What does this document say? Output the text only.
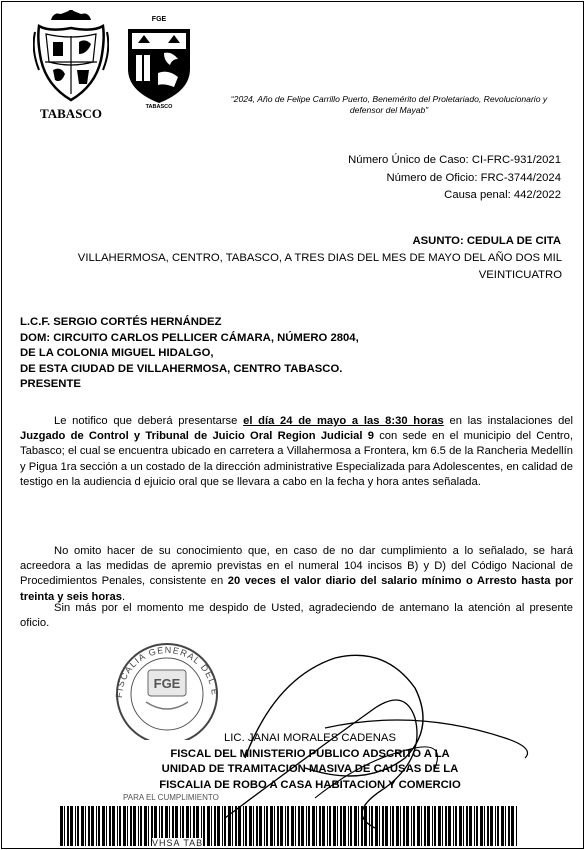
TABASCO
FGE
TABASCO
“2024, Año de Felipe Carrillo Puerto, Benemérito del Proletariado, Revolucionario y
defensor del Mayab”
Número Único de Caso: CI-FRC-931/2021
Número de Oficio: FRC-3744/2024
Causa penal: 442/2022
ASUNTO: CEDULA DE CITA
VILLAHERMOSA, CENTRO, TABASCO, A TRES DIAS DEL MES DE MAYO DEL AÑO DOS MIL
VEINTICUATRO
L.C.F. SERGIO CORTÉS HERNÁNDEZ
DOM: CIRCUITO CARLOS PELLICER CÁMARA, NÚMERO 2804,
DE LA COLONIA MIGUEL HIDALGO,
DE ESTA CIUDAD DE VILLAHERMOSA, CENTRO TABASCO.
PRESENTE
Le notifico que deberá presentarse el día 24 de mayo a las 8:30 horas en las instalaciones del Juzgado de Control y Tribunal de Juicio Oral Region Judicial 9 con sede en el municipio del Centro, Tabasco; el cual se encuentra ubicado en carretera a Villahermosa a Frontera, km 6.5 de la Rancheria Medellín y Pigua 1ra sección a un costado de la dirección administrative Especializada para Adolescentes, en calidad de testigo en la audiencia d ejuicio oral que se llevara a cabo en la fecha y hora antes señalada.
No omito hacer de su conocimiento que, en caso de no dar cumplimiento a lo señalado, se hará acreedora a las medidas de apremio previstas en el numeral 104 incisos B) y D) del Código Nacional de Procedimientos Penales, consistente en 20 veces el valor diario del salario mínimo o Arresto hasta por treinta y seis horas.
Sin más por el momento me despido de Usted, agradeciendo de antemano la atención al presente oficio.
FISCALIA GENERAL DEL E
FGE
LIC. JANAI MORALES CADENAS
FISCAL DEL MINISTERIO PUBLICO ADSCRITO A LA
UNIDAD DE TRAMITACION MASIVA DE CAUSAS DE LA
FISCALIA DE ROBO A CASA HABITACION Y COMERCIO
PARA EL CUMPLIMIENTO
VHSA TAB
